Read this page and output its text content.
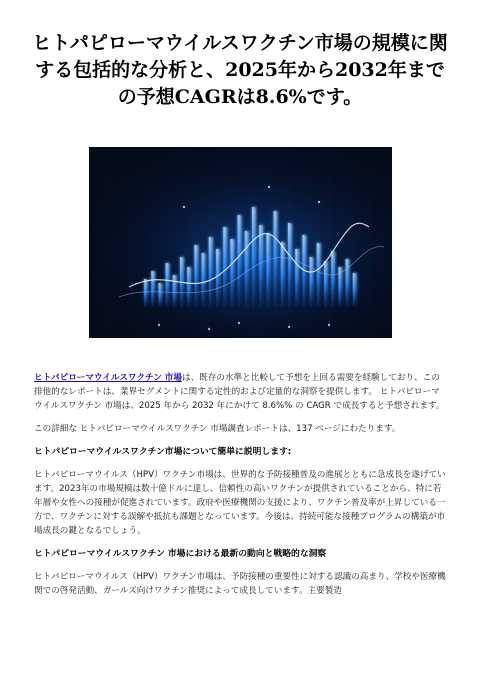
ヒトパピローマウイルスワクチン市場の規模に関する包括的な分析と、2025年から2032年までの予想CAGRは8.6%です。

ヒトパピローマウイルスワクチン 市場は、既存の水準と比較して予想を上回る需要を経験しており、この排他的なレポートは、業界セグメントに関する定性的および定量的な洞察を提供します。 ヒトパピローマウイルスワクチン 市場は、2025 年から 2032 年にかけて 8.6%% の CAGR で成長すると予想されます。

この詳細な ヒトパピローマウイルスワクチン 市場調査レポートは、137 ページにわたります。

ヒトパピローマウイルスワクチン市場について簡単に説明します:

ヒトパピローマウイルス（HPV）ワクチン市場は、世界的な予防接種普及の進展とともに急成長を遂げています。2023年の市場規模は数十億ドルに達し、信頼性の高いワクチンが提供されていることから、特に若年層や女性への接種が促進されています。政府や医療機関の支援により、ワクチン普及率が上昇している一方で、ワクチンに対する誤解や抵抗も課題となっています。今後は、持続可能な接種プログラムの構築が市場成長の鍵となるでしょう。

ヒトパピローマウイルスワクチン 市場における最新の動向と戦略的な洞察

ヒトパピローマウイルス（HPV）ワクチン市場は、予防接種の重要性に対する認識の高まり、学校や医療機関での啓発活動、ガールズ向けワクチン推奨によって成長しています。主要製造
